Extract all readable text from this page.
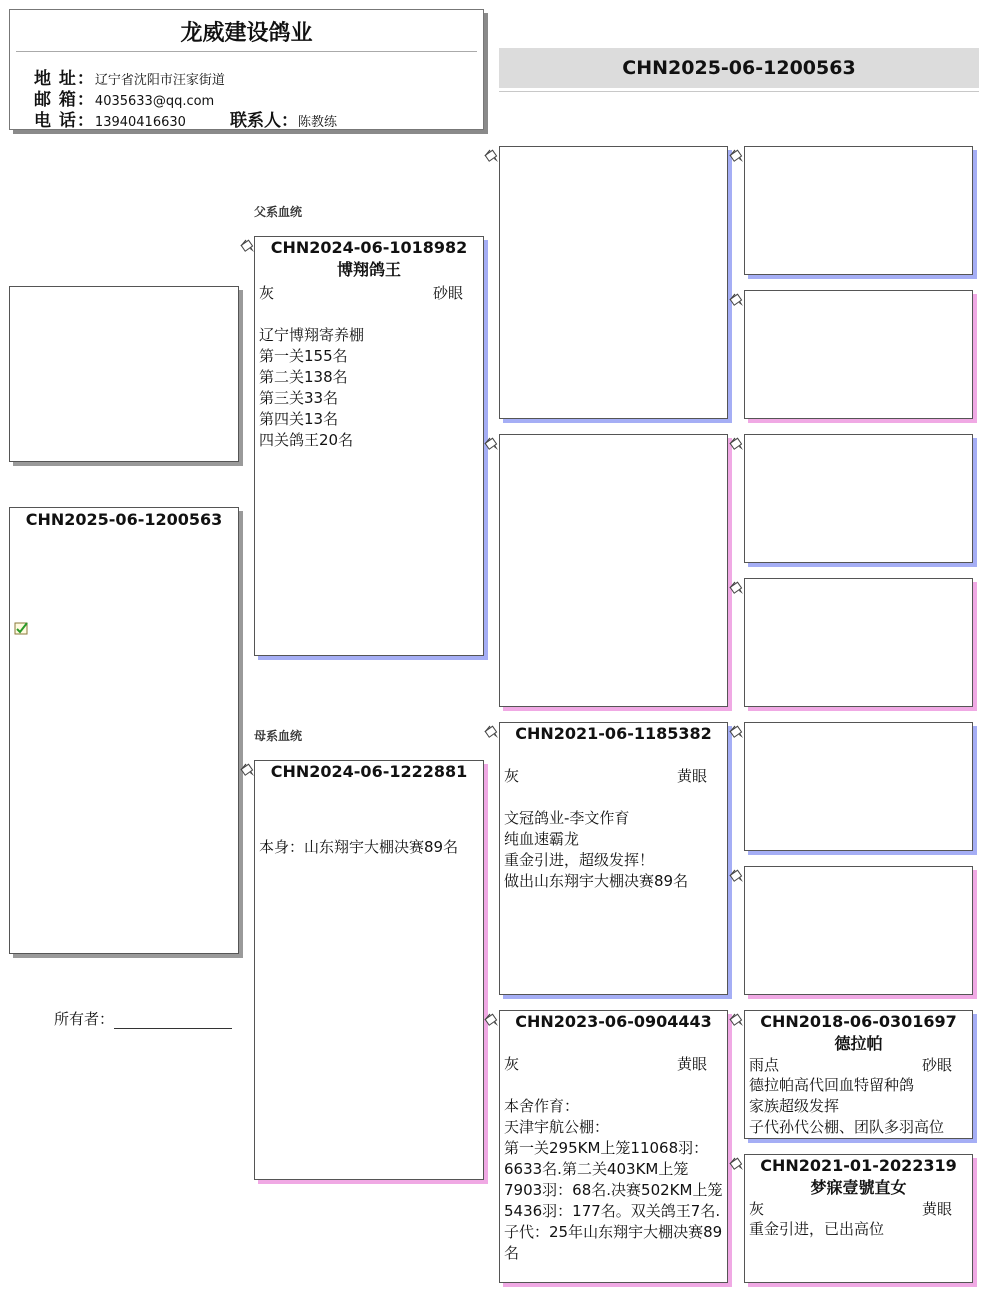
龙威建设鸽业
地 址：辽宁省沈阳市汪家街道
邮 箱：4035633@qq.com
电 话：13940416630	联系人：陈教练
CHN2025-06-1200563
父系血统
母系血统
CHN2025-06-1200563
所有者：
CHN2024-06-1018982
博翔鸽王
灰	砂眼
辽宁博翔寄养棚
第一关155名
第二关138名
第三关33名
第四关13名
四关鸽王20名
CHN2024-06-1222881
本身：山东翔宇大棚决赛89名
CHN2021-06-1185382
灰	黄眼
文冠鸽业-李文作育
纯血速霸龙
重金引进，超级发挥！
做出山东翔宇大棚决赛89名
CHN2023-06-0904443
灰	黄眼
本舍作育：
天津宇航公棚：
第一关295KM上笼11068羽：6633名.第二关403KM上笼7903羽：68名.决赛502KM上笼5436羽：177名。双关鸽王7名.
子代：25年山东翔宇大棚决赛89名
CHN2018-06-0301697
德拉帕
雨点	砂眼
德拉帕高代回血特留种鸽
家族超级发挥
子代孙代公棚、团队多羽高位
CHN2021-01-2022319
梦寐壹號直女
灰	黄眼
重金引进，已出高位
